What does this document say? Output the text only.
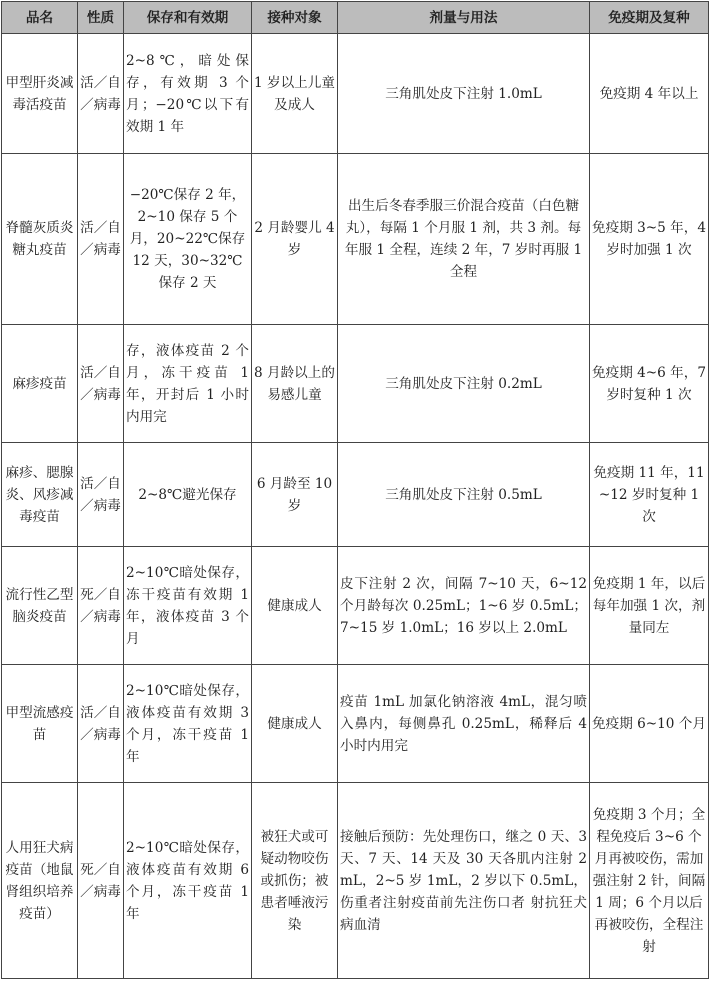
品名	性质	保存和有效期	接种对象	剂量与用法	免疫期及复种
甲型肝炎减毒活疫苗	活／自／病毒	2~8℃，暗处保存，有效期 3 个月；−20℃以下有效期 1 年	1 岁以上儿童及成人	三角肌处皮下注射 1.0mL	免疫期 4 年以上
脊髓灰质炎糖丸疫苗	活／自／病毒	−20℃保存 2 年，2~10 保存 5 个月，20~22℃保存 12 天，30~32℃保存 2 天	2 月龄婴儿 4 岁	出生后冬春季服三价混合疫苗（白色糖丸），每隔 1 个月服 1 剂，共 3 剂。每年服 1 全程，连续 2 年，7 岁时再服 1 全程	免疫期 3~5 年，4 岁时加强 1 次
麻疹疫苗	活／自／病毒	存，液体疫苗 2 个月，冻干疫苗 1 年，开封后 1 小时内用完	8 月龄以上的易感儿童	三角肌处皮下注射 0.2mL	免疫期 4~6 年，7 岁时复种 1 次
麻疹、腮腺炎、风疹减毒疫苗	活／自／病毒	2~8℃避光保存	6 月龄至 10 岁	三角肌处皮下注射 0.5mL	免疫期 11 年，11~12 岁时复种 1 次
流行性乙型脑炎疫苗	死／自／病毒	2~10℃暗处保存，冻干疫苗有效期 1 年，液体疫苗 3 个月	健康成人	皮下注射 2 次，间隔 7~10 天，6~12 个月龄每次 0.25mL；1~6 岁 0.5mL；7~15 岁 1.0mL；16 岁以上 2.0mL	免疫期 1 年，以后每年加强 1 次，剂量同左
甲型流感疫苗	活／自／病毒	2~10℃暗处保存，液体疫苗有效期 3 个月，冻干疫苗 1 年	健康成人	疫苗 1mL 加氯化钠溶液 4mL，混匀喷入鼻内，每侧鼻孔 0.25mL，稀释后 4 小时内用完	免疫期 6~10 个月
人用狂犬病疫苗（地鼠肾组织培养疫苗）	死／自／病毒	2~10℃暗处保存，液体疫苗有效期 6 个月，冻干疫苗 1 年	被狂犬或可疑动物咬伤或抓伤；被患者唾液污染	接触后预防：先处理伤口，继之 0 天、3 天、7 天、14 天及 30 天各肌内注射 2mL，2~5 岁 1mL，2 岁以下 0.5mL，伤重者注射疫苗前先注伤口者 射抗狂犬病血清	免疫期 3 个月；全程免疫后 3~6 个月再被咬伤，需加强注射 2 针，间隔 1 周；6 个月以后再被咬伤，全程注射
